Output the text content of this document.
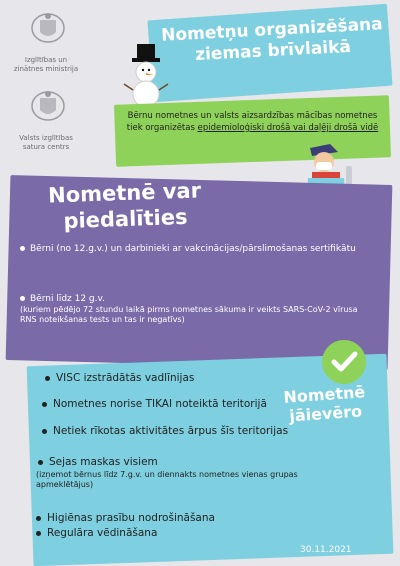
Izglītības un zinātnes ministrija
Valsts izglītības satura centrs
Nometņu organizēšana ziemas brīvlaikā
Bērnu nometnes un valsts aizsardzības mācības nometnes tiek organizētas epidemioloģiski drošā vai daļēji drošā vidē
Nometnē var piedalīties
Bērni (no 12.g.v.) un darbinieki ar vakcinācijas/pārslimošanas sertifikātu
Bērni līdz 12 g.v.
(kuriem pēdējo 72 stundu laikā pirms nometnes sākuma ir veikts SARS-CoV-2 vīrusa RNS noteikšanas tests un tas ir negatīvs)
Nometnē jāievēro
VISC izstrādātās vadlīnijas
Nometnes norise TIKAI noteiktā teritorijā
Netiek rīkotas aktivitātes ārpus šīs teritorijas
Sejas maskas visiem
(izņemot bērnus līdz 7.g.v. un diennakts nometnes vienas grupas apmeklētājus)
Higiēnas prasību nodrošināšana
Regulāra vēdināšana
30.11.2021
